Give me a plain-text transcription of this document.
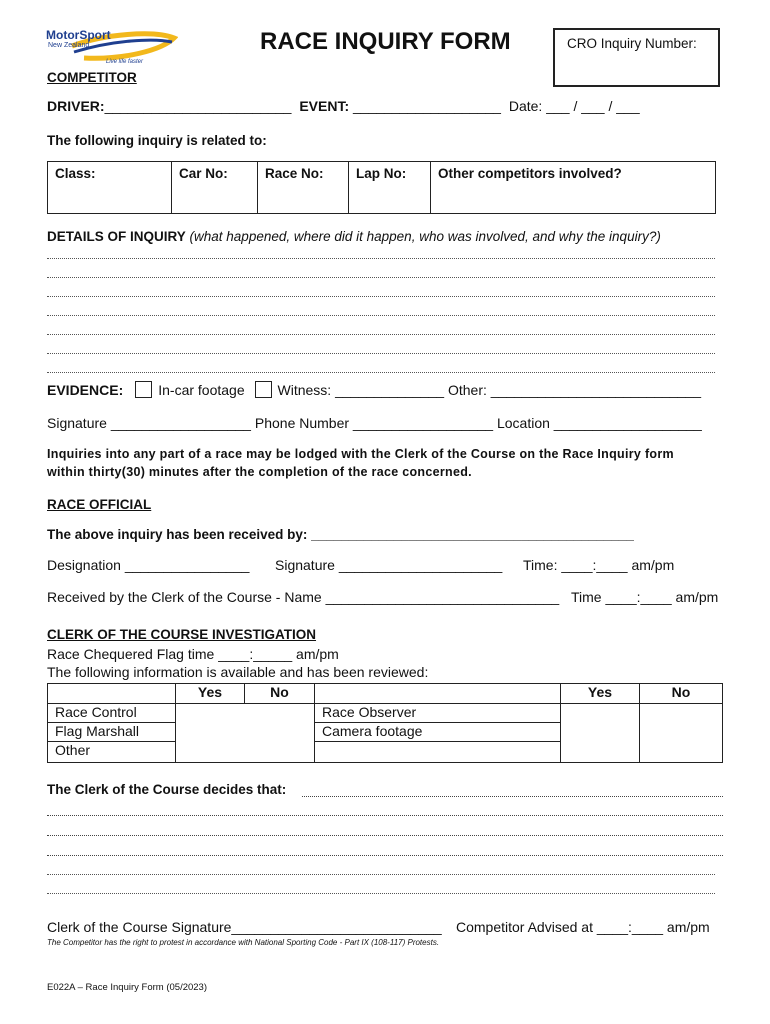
MotorSport
New Zealand
Live life faster
RACE INQUIRY FORM	CRO Inquiry Number:
COMPETITOR
DRIVER:________________________ EVENT: ___________________ Date: ___ / ___ / ___
The following inquiry is related to:
Class:	Car No:	Race No:	Lap No:	Other competitors involved?
DETAILS OF INQUIRY (what happened, where did it happen, who was involved, and why the inquiry?)
EVIDENCE:	In-car footage Witness: ______________ Other: ___________________________
Signature __________________ Phone Number __________________ Location ___________________
Inquiries into any part of a race may be lodged with the Clerk of the Course on the Race Inquiry form
within thirty(30) minutes after the completion of the race concerned.
RACE OFFICIAL
The above inquiry has been received by: ___________________________________________
Designation ________________ Signature _____________________ Time: ____:____ am/pm
Received by the Clerk of the Course - Name ______________________________ Time ____:____ am/pm
CLERK OF THE COURSE INVESTIGATION
Race Chequered Flag time ____:_____ am/pm
The following information is available and has been reviewed:
	Yes	No		Yes	No
Race Control			Race Observer		
Flag Marshall			Camera footage		
Other					
The Clerk of the Course decides that:
Clerk of the Course Signature___________________________ Competitor Advised at ____:____ am/pm
The Competitor has the right to protest in accordance with National Sporting Code - Part IX (108-117) Protests.
E022A – Race Inquiry Form (05/2023)
